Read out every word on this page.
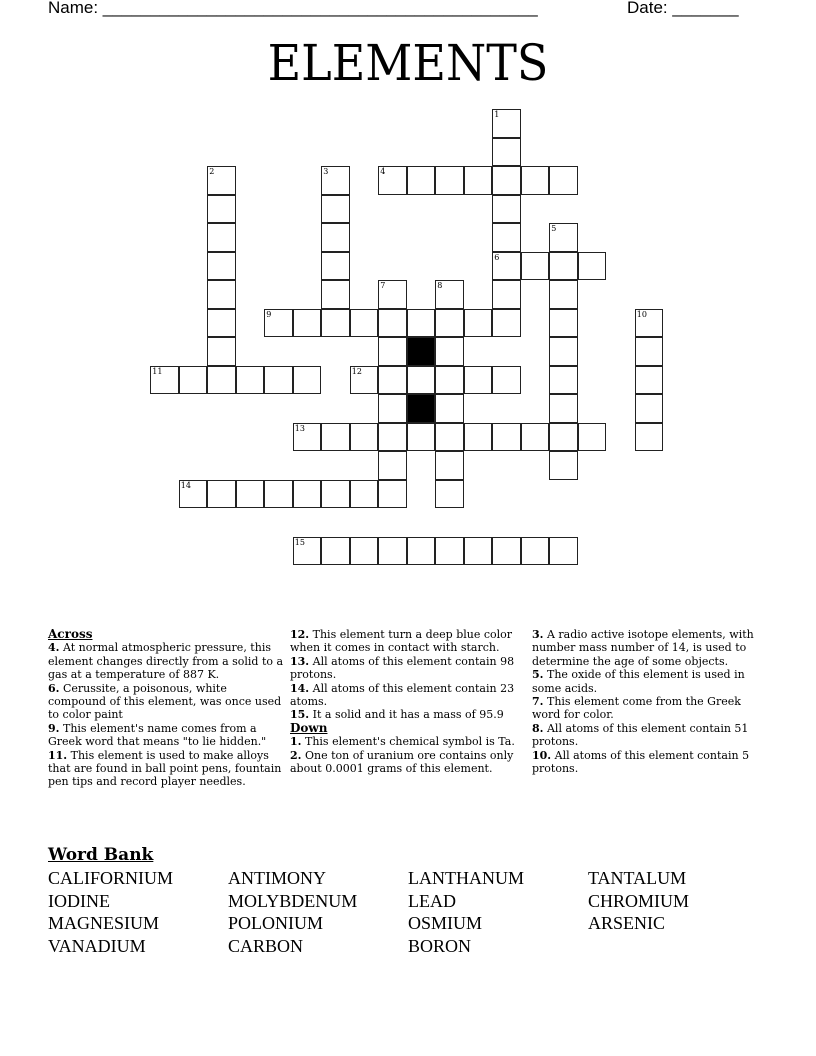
Name: ______________________________________________	Date: _______
ELEMENTS
1
6
2	3	4
5
7	8
9	10
11	12
13
14
15
Across

4. At normal atmospheric pressure, this element changes directly from a solid to a gas at a temperature of 887 K.

6. Cerussite, a poisonous, white compound of this element, was once used to color paint

9. This element's name comes from a Greek word that means "to lie hidden."

11. This element is used to make alloys that are found in ball point pens, fountain pen tips and record player needles.

12. This element turn a deep blue color when it comes in contact with starch.

13. All atoms of this element contain 98 protons.

14. All atoms of this element contain 23 atoms.

15. It a solid and it has a mass of 95.9

Down

1. This element's chemical symbol is Ta.

2. One ton of uranium ore contains only about 0.0001 grams of this element.

3. A radio active isotope elements, with number mass number of 14, is used to determine the age of some objects.

5. The oxide of this element is used in some acids.

7. This element come from the Greek word for color.

8. All atoms of this element contain 51 protons.

10. All atoms of this element contain 5 protons.

Word Bank
CALIFORNIUM	ANTIMONY	LANTHANUM	TANTALUM
IODINE	MOLYBDENUM	LEAD	CHROMIUM
MAGNESIUM	POLONIUM	OSMIUM	ARSENIC
VANADIUM	CARBON	BORON
